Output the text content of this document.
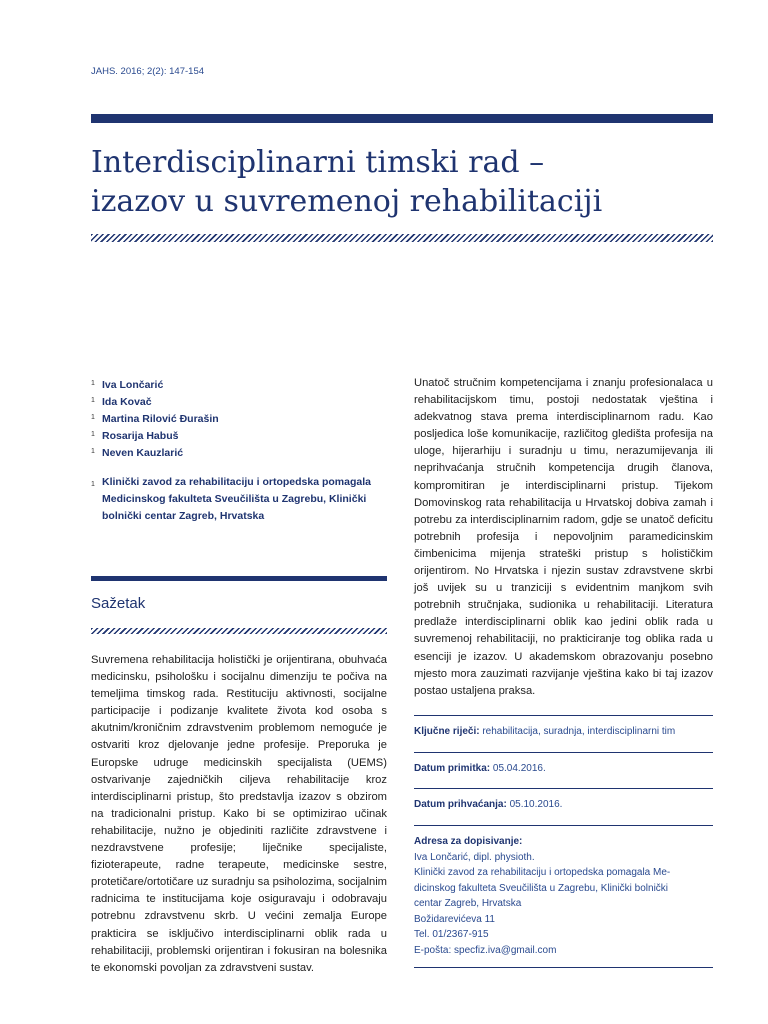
JAHS. 2016; 2(2): 147-154
Interdisciplinarni timski rad –
izazov u suvremenoj rehabilitaciji
1 Iva Lončarić
1 Ida Kovač
1 Martina Rilović Đurašin
1 Rosarija Habuš
1 Neven Kauzlarić
1 Klinički zavod za rehabilitaciju i ortopedska pomagala Medicinskog fakulteta Sveučilišta u Zagrebu, Klinički bolnički centar Zagreb, Hrvatska
Sažetak

Suvremena rehabilitacija holistički je orijentirana, obuhvaća medicinsku, psihološku i socijalnu dimenziju te počiva na temeljima timskog rada. Restituciju aktivnosti, socijalne participacije i podizanje kvalitete života kod osoba s akutnim/kroničnim zdravstvenim problemom nemoguće je ostvariti kroz djelovanje jedne profesije. Preporuka je Europske udruge medicinskih specijalista (UEMS) ostvarivanje zajedničkih ciljeva rehabilitacije kroz interdisciplinarni pristup, što predstavlja izazov s obzirom na tradicionalni pristup. Kako bi se optimizirao učinak rehabilitacije, nužno je objediniti različite zdravstvene i nezdravstvene profesije; liječnike specijaliste, fizioterapeute, radne terapeute, medicinske sestre, protetičare/ortotičare uz suradnju sa psiholozima, socijalnim radnicima te institucijama koje osiguravaju i odobravaju potrebnu zdravstvenu skrb. U većini zemalja Europe prakticira se isključivo interdisciplinarni oblik rada u rehabilitaciji, problemski orijentiran i fokusiran na bolesnika te ekonomski povoljan za zdravstveni sustav.

Unatoč stručnim kompetencijama i znanju profesionalaca u rehabilitacijskom timu, postoji nedostatak vještina i adekvatnog stava prema interdisciplinarnom radu. Kao posljedica loše komunikacije, različitog gledišta profesija na uloge, hijerarhiju i suradnju u timu, nerazumijevanja ili neprihvaćanja stručnih kompetencija drugih članova, kompromitiran je interdisciplinarni pristup. Tijekom Domovinskog rata rehabilitacija u Hrvatskoj dobiva zamah i potrebu za interdisciplinarnim radom, gdje se unatoč deficitu potrebnih profesija i nepovoljnim paramedicinskim čimbenicima mijenja strateški pristup s holističkim orijentirom. No Hrvatska i njezin sustav zdravstvene skrbi još uvijek su u tranziciji s evidentnim manjkom svih potrebnih stručnjaka, sudionika u rehabilitaciji. Literatura predlaže interdisciplinarni oblik kao jedini oblik rada u suvremenoj rehabilitaciji, no prakticiranje tog oblika rada u esenciji je izazov. U akademskom obrazovanju posebno mjesto mora zauzimati razvijanje vještina kako bi taj izazov postao ustaljena praksa.

Ključne riječi: rehabilitacija, suradnja, interdisciplinarni tim

Datum primitka: 05.04.2016.

Datum prihvaćanja: 05.10.2016.

Adresa za dopisivanje:
Iva Lončarić, dipl. physioth.
Klinički zavod za rehabilitaciju i ortopedska pomagala Me-
dicinskog fakulteta Sveučilišta u Zagrebu, Klinički bolnički
centar Zagreb, Hrvatska
Božidarevićeva 11
Tel. 01/2367-915
E-pošta: specfiz.iva@gmail.com
